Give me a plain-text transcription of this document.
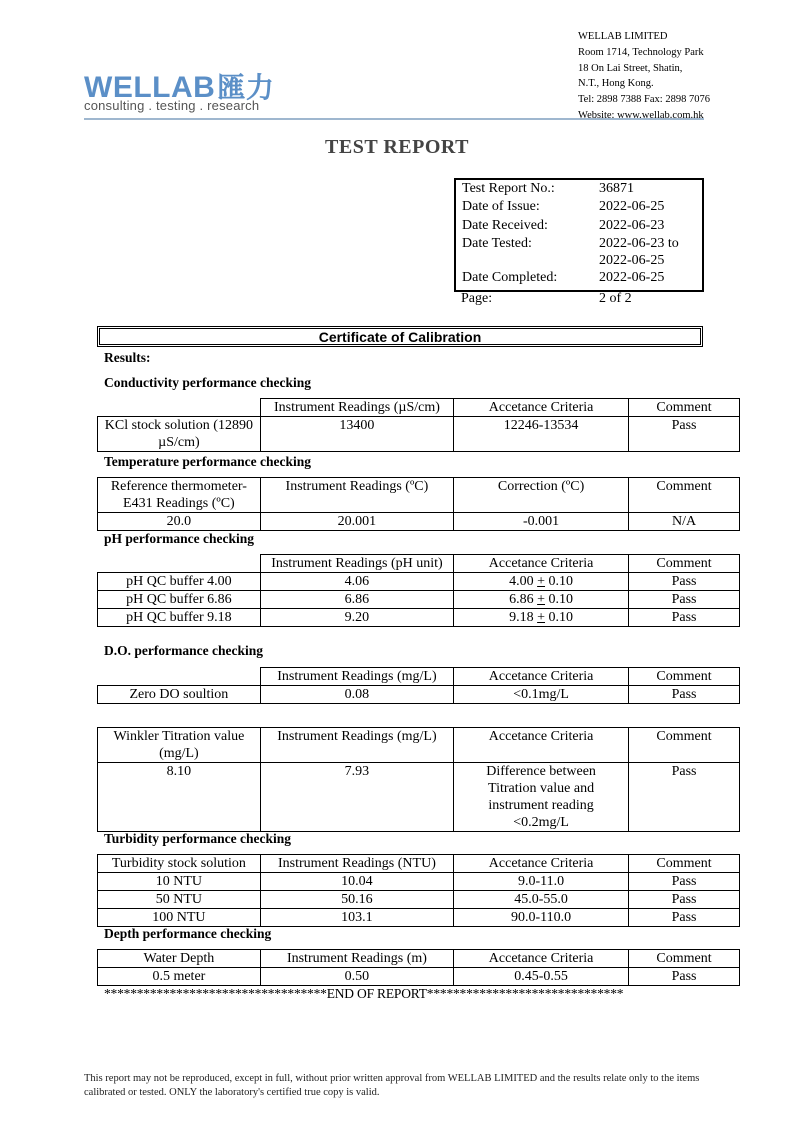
WELLAB匯力
consulting . testing . research
WELLAB LIMITED
Room 1714, Technology Park
18 On Lai Street, Shatin,
N.T., Hong Kong.
Tel: 2898 7388 Fax: 2898 7076
Website: www.wellab.com.hk
TEST REPORT
Test Report No.:	36871
Date of Issue:	2022-06-25
Date Received:	2022-06-23
Date Tested:	2022-06-23 to
2022-06-25
Date Completed:	2022-06-25
Page:	2 of 2
Certificate of Calibration
Results:
Conductivity performance checking
	Instrument Readings (µS/cm)	Accetance Criteria	Comment
KCl stock solution (12890 µS/cm)	13400	12246-13534	Pass
Temperature performance checking
Reference thermometer-E431 Readings (ºC)	Instrument Readings (ºC)	Correction (ºC)	Comment
20.0	20.001	-0.001	N/A
pH performance checking
	Instrument Readings (pH unit)	Accetance Criteria	Comment
pH QC buffer 4.00	4.06	4.00 + 0.10	Pass
pH QC buffer 6.86	6.86	6.86 + 0.10	Pass
pH QC buffer 9.18	9.20	9.18 + 0.10	Pass
D.O. performance checking
	Instrument Readings (mg/L)	Accetance Criteria	Comment
Zero DO soultion	0.08	<0.1mg/L	Pass
Winkler Titration value (mg/L)	Instrument Readings (mg/L)	Accetance Criteria	Comment
8.10	7.93	Difference between Titration value and instrument reading <0.2mg/L	Pass
Turbidity performance checking
Turbidity stock solution	Instrument Readings (NTU)	Accetance Criteria	Comment
10 NTU	10.04	9.0-11.0	Pass
50 NTU	50.16	45.0-55.0	Pass
100 NTU	103.1	90.0-110.0	Pass
Depth performance checking
Water Depth	Instrument Readings (m)	Accetance Criteria	Comment
0.5 meter	0.50	0.45-0.55	Pass
**********************************END OF REPORT******************************
This report may not be reproduced, except in full, without prior written approval from WELLAB LIMITED and the results relate only to the items calibrated or tested. ONLY the laboratory's certified true copy is valid.
